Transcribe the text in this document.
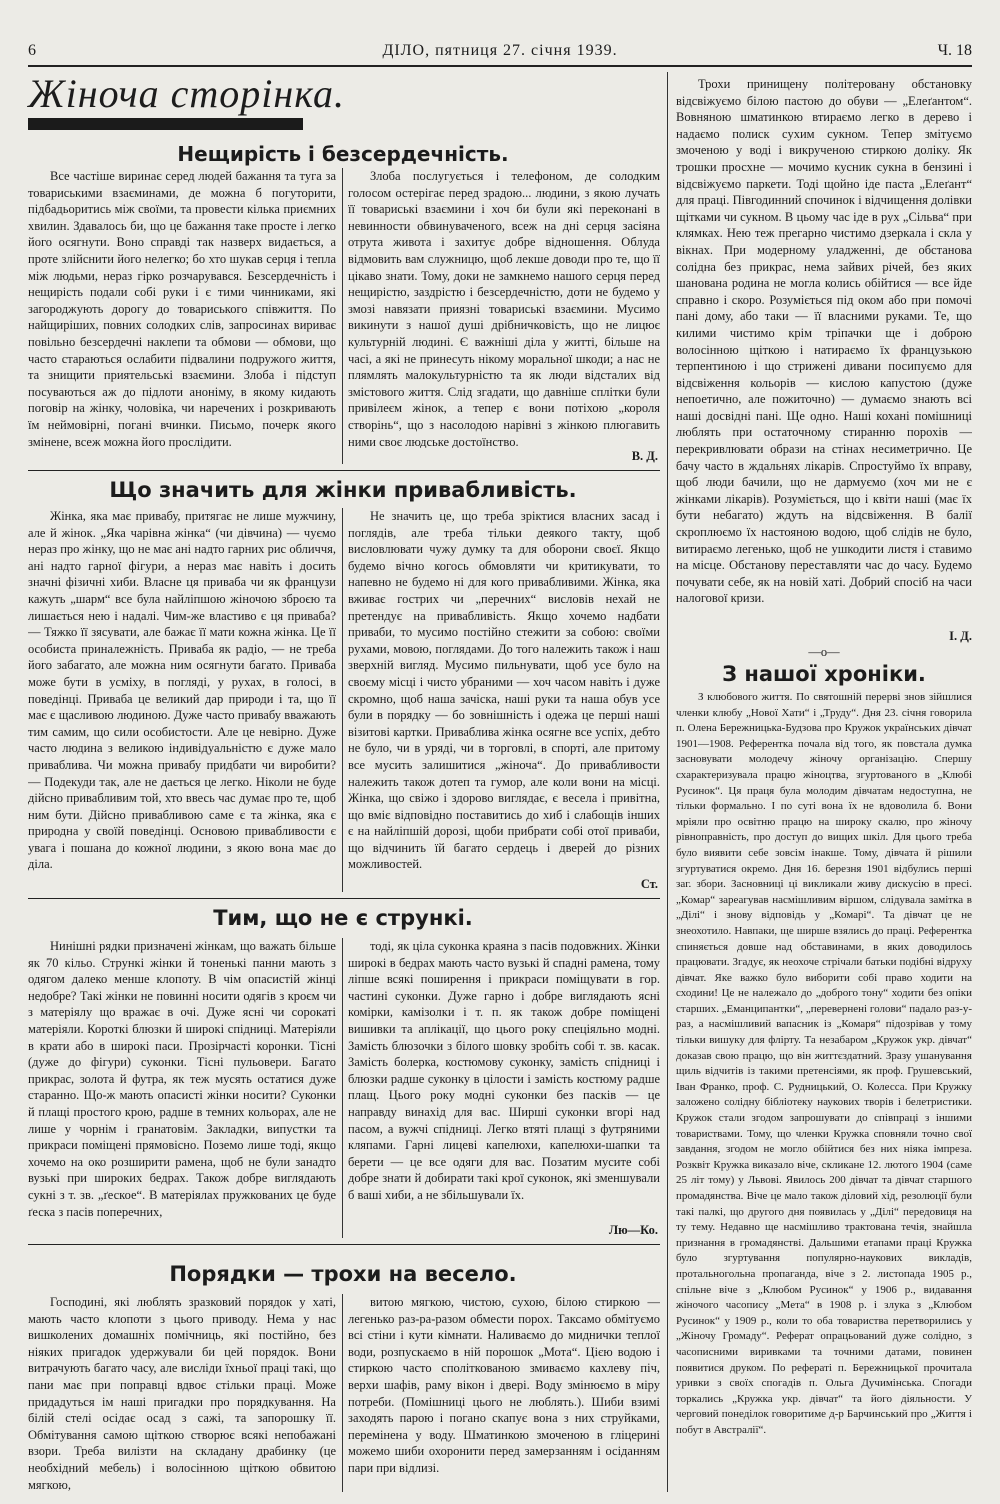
6	ДІЛО, пятниця 27. січня 1939.	Ч. 18
Жіноча сторінка.
Нещирість і безсердечність.

Все частіше виринає серед людей бажання та туга за товариськими взаєминами, де можна б погуторити, підбадьоритись між своїми, та провести кілька приємних хвилин. Здавалось би, що це бажання таке просте і легко його осягнути. Воно справді так назверх видається, а проте злійснити його нелегко; бо хто шукав серця і тепла між людьми, нераз гірко розчарувався. Безсердечність і нещирість подали собі руки і є тими чинниками, які загороджують дорогу до товариського співжиття. По найщиріших, повних солодких слів, запросинах вириває повільно безсердечні наклепи та обмови — обмови, що часто стараються ослабити підвалини подружого життя, та знищити приятельські взаємини. Злоба і підступ посуваються аж до підлоти аноніму, в якому кидають поговір на жінку, чоловіка, чи наречених і розкривають їм неймовірні, погані вчинки. Письмо, почерк якого змінене, всеж можна його прослідити.

Злоба послугується і телефоном, де солодким голосом остерігає перед зрадою... людини, з якою лучать її товариські взаємини і хоч би були які переконані в невинности обвинуваченого, всеж на дні серця засіяна отрута живота і захитує добре відношення. Облуда відмовить вам служницю, щоб лекше доводи про те, що її цікаво знати. Тому, доки не замкнемо нашого серця перед нещирістю, заздрістю і безсердечністю, доти не будемо у змозі навязати приязні товариські взаємини. Мусимо викинути з нашої душі дрібничковість, що не лицює культурній людині. Є важніші діла у житті, більше на часі, а які не принесуть нікому моральної шкоди; а нас не плямлять малокультурністю та як люди відсталих від змістового життя. Слід згадати, що давніше сплітки були привілеєм жінок, а тепер є вони потіхою „короля створінь“, що з насолодою нарівні з жінкою плюгавить ними своє людське достоїнство.

В. Д.
Що значить для жінки привабливість.

Жінка, яка має привабу, притягає не лише мужчину, але й жінок. „Яка чарівна жінка“ (чи дівчина) — чуємо нераз про жінку, що не має ані надто гарних рис обличчя, ані надто гарної фігури, а нераз має навіть і досить значні фізичні хиби. Власне ця приваба чи як французи кажуть „шарм“ все була найліпшою жіночою зброєю та лишається нею і надалі. Чим-же властиво є ця приваба? — Тяжко її зясувати, але бажає її мати кожна жінка. Це її особиста приналежність. Приваба як радіо, — не треба його забагато, але можна ним осягнути багато. Приваба може бути в усміху, в погляді, у рухах, в голосі, в поведінці. Приваба це великий дар природи і та, що її має є щасливою людиною. Дуже часто привабу вважають тим самим, що сили особистости. Але це невірно. Дуже часто людина з великою індивідуальністю є дуже мало приваблива. Чи можна привабу придбати чи виробити? — Подекуди так, але не дається це легко. Ніколи не буде дійсно привабливим той, хто ввесь час думає про те, щоб ним бути. Дійсно привабливою саме є та жінка, яка є природна у своїй поведінці. Основою привабливости є увага і пошана до кожної людини, з якою вона має до діла.

Не значить це, що треба зріктися власних засад і поглядів, але треба тільки деякого такту, щоб висловлювати чужу думку та для оборони своєї. Якщо будемо вічно когось обмовляти чи критикувати, то напевно не будемо ні для кого привабливими. Жінка, яка вживає гострих чи „перечних“ висловів нехай не претендує на привабливість. Якщо хочемо надбати приваби, то мусимо постійно стежити за собою: своїми рухами, мовою, поглядами. До того належить також і наш зверхній вигляд. Мусимо пильнувати, щоб усе було на своєму місці і чисто убраними — хоч часом навіть і дуже скромно, щоб наша зачіска, наші руки та наша обув усе були в порядку — бо зовнішність і одежа це перші наші візитові картки. Приваблива жінка осягне все успіх, дебто не було, чи в уряді, чи в торговлі, в спорті, але притому все мусить залишитися „жіноча“. До привабливости належить також дотеп та гумор, але коли вони на місці. Жінка, що свіжо і здорово виглядає, є весела і привітна, що вміє відповідно поставитись до хиб і слабощів інших є на найліпшій дорозі, щоби прибрати собі отої приваби, що відчинить їй багато сердець і дверей до різних можливостей.

Ст.
Тим, що не є стрункі.

Нинішні рядки призначені жінкам, що важать більше як 70 кільо. Стрункі жінки й тоненькі панни мають з одягом далеко менше клопоту. В чім опасистій жінці недобре? Такі жінки не повинні носити одягів з кроєм чи з матеріялу що вражає в очі. Дуже ясні чи сорокаті матеріяли. Короткі блюзки й широкі спідниці. Матеріяли в крати або в широкі паси. Прозірчасті коронки. Тісні (дуже до фігури) суконки. Тісні пульовери. Багато прикрас, золота й футра, як теж мусять остатися дуже старанно. Що-ж мають опасисті жінки носити? Суконки й плащі простого крою, радше в темних кольорах, але не лише у чорнім і гранатовім. Закладки, випустки та прикраси поміщені прямовісно. Поземо лише тоді, якщо хочемо на око розширити рамена, щоб не були занадто вузькі при широких бедрах. Також добре виглядають сукні з т. зв. „ґеское“. В матеріялах пружкованих це буде ґеска з пасів поперечних,

тоді, як ціла суконка краяна з пасів подовжних. Жінки широкі в бедрах мають часто вузькі й спадні рамена, тому ліпше всякі поширення і прикраси поміщувати в гор. частині суконки. Дуже гарно і добре виглядають ясні комірки, камізолки і т. п. як також добре поміщені вишивки та аплікації, що цього року спеціяльно модні. Замість блюзочки з білого шовку зробіть собі т. зв. касак. Замість болерка, костюмову суконку, замість спідниці і блюзки радше суконку в цілости і замість костюму радше плащ. Цього року модні суконки без пасків — це направду винахід для вас. Ширші суконки вгорі над пасом, а вужчі спідниці. Легко втяті плащі з футряними кляпами. Гарні лицеві капелюхи, капелюхи-шапки та берети — це все одяги для вас. Позатим мусите собі добре знати й добирати такі крої суконок, які зменшували б ваші хиби, а не збільшували їх.

Лю—Ко.
Порядки — трохи на весело.

Господині, які люблять зразковий порядок у хаті, мають часто клопоти з цього приводу. Нема у нас вишколених домашніх помічниць, які постійно, без ніяких пригадок удержували би цей порядок. Вони витрачують багато часу, але висліди їхньої праці такі, що пани має при поправці вдвоє стільки праці. Може придадуться ім наші пригадки про порядкування. На білій стелі осідає осад з сажі, та запорошку її. Обмітування самою щіткою створює всякі непобажані взори. Треба вилізти на складану драбинку (це необхідний мебель) і волосінною щіткою обвитою мягкою,

витою мягкою, чистою, сухою, білою стиркою — легенько раз-ра-разом обмести порох. Таксамо обмітуємо всі стіни і кути кімнати. Наливаємо до миднички теплої води, розпускаємо в ній порошок „Мота“. Цією водою і стиркою часто споліткованою змиваємо кахлеву піч, верхи шафів, раму вікон і двері. Воду змінюємо в міру потреби. (Помішниці цього не люблять.). Шиби взимі заходять парою і погано скапує вона з них струйками, перемінена у воду. Шматинкою змоченою в гліцерині можемо шиби охоронити перед замерзанням і осіданням пари при відлизі.

Трохи принищену політеровану обстановку відсвіжуємо білою пастою до обуви — „Елеґантом“. Вовняною шматинкою втираємо легко в дерево і надаємо полиск сухим сукном. Тепер змітуємо змоченою у воді і викрученою стиркою доліку. Як трошки просхне — мочимо кусник сукна в бензині і відсвіжуємо паркети. Тоді щойно іде паста „Елеґант“ для праці. Півгодинний спочинок і відчищення долівки щітками чи сукном. В цьому час іде в рух „Сільва“ при клямках. Нею теж прегарно чистимо дзеркала і скла у вікнах. При модерному уладженні, де обстанова солідна без прикрас, нема зайвих річей, без яких шанована родина не могла колись обійтися — все йде справно і скоро. Розуміється під оком або при помочі пані дому, або таки — її власними руками. Те, що килими чистимо крім тріпачки ще і доброю волосінною щіткою і натираємо їх французькою терпентиною і що стрижені дивани посипуємо для відсвіження кольорів — кислою капустою (дуже непоетично, але пожиточно) — думаємо знають всі наші досвідні пані. Ще одно. Наші кохані помішниці люблять при остаточному стиранню порохів — перекривлювати образи на стінах несиметрично. Це бачу часто в ждальнях лікарів. Спростуймо їх вправу, щоб люди бачили, що не дармуємо (хоч ми не є жінками лікарів). Розуміється, що і квіти наші (має їх бути небагато) ждуть на відсвіження. В балії скроплюємо їх настояною водою, щоб слідів не було, витираємо легенько, щоб не ушкодити листя і ставимо на місце. Обстанову переставляти час до часу. Будемо почувати себе, як на новій хаті. Добрий спосіб на часи налогової кризи.

І. Д.
—o—
З нашої хроніки.

З клюбового життя. По святошній перерві знов зійшлися членки клюбу „Нової Хати“ і „Труду“. Дня 23. січня говорила п. Олена Бережницька-Будзова про Кружок українських дівчат 1901—1908. Референтка почала від того, як повстала думка засновувати молодечу жіночу організацію. Спершу схарактеризувала працю жіноцтва, згуртованого в „Клюбі Русинок“. Ця праця була молодим дівчатам недоступна, не тільки формально. І по суті вона їх не вдоволила б. Вони мріяли про освітню працю на широку скалю, про жіночу рівноправність, про доступ до вищих шкіл. Для цього треба було виявити себе зовсім інакше. Тому, дівчата й рішили згуртуватися окремо. Дня 16. березня 1901 відбулись перші заг. збори. Засновниці ці викликали живу дискусію в пресі. „Комар“ зареагував насмішливим віршом, слідувала замітка в „Ділі“ і знову відповідь у „Комарі“. Та дівчат це не знеохотило. Навпаки, ще ширше взялись до праці. Референтка спиняється довше над обставинами, в яких доводилось працювати. Згадує, як неохоче стрічали батьки подібні відруху дівчат. Яке важко було виборити собі право ходити на сходини! Це не належало до „доброго тону“ ходити без опіки старших. „Еманципантки“, „перевернені голови“ падало раз-у-раз, а насмішливий вапасник із „Комаря“ підозрівав у тому тільки вишуку для флірту. Та незабаром „Кружок укр. дівчат“ доказав свою працю, що він життєздатний. Зразу ушанування щиль відчитів із такими претенсіями, як проф. Грушевський, Іван Франко, проф. С. Рудницький, О. Колесса. При Кружку заложено солідну бібліотеку наукових творів і белетристики. Кружок стали згодом запрошувати до співпраці з іншими товариствами. Тому, що членки Кружка сповняли точно свої завдання, згодом не могло обійтися без них ніяка імпреза. Розквіт Кружка виказало віче, скликане 12. лютого 1904 (саме 25 літ тому) у Львові. Явилось 200 дівчат та дівчат старшого промадянства. Віче це мало також діловий хід, резолюції були такі палкі, що другого дня появилась у „Ділі“ передовиця на ту тему. Недавно ще насмішливо трактована течія, знайшла признання в громадянстві. Дальшими етапами праці Кружка було згуртування популярно-наукових викладів, протальногольна пропаганда, віче з 2. листопада 1905 р., спільне віче з „Клюбом Русинок“ у 1906 р., видавання жіночого часопису „Мета“ в 1908 р. і злука з „Клюбом Русинок“ у 1909 р., коли то оба товариства перетворились у „Жіночу Громаду“. Реферат опрацьований дуже солідно, з часописними виривками та точними датами, повинен появитися друком. По рефераті п. Бережницької прочитала уривки з своїх спогадів п. Ольга Дучимінська. Спогади торкались „Кружка укр. дівчат“ та його діяльности. У черговий понеділок говоритиме д-р Барчинський про „Життя і побут в Австралії“.
